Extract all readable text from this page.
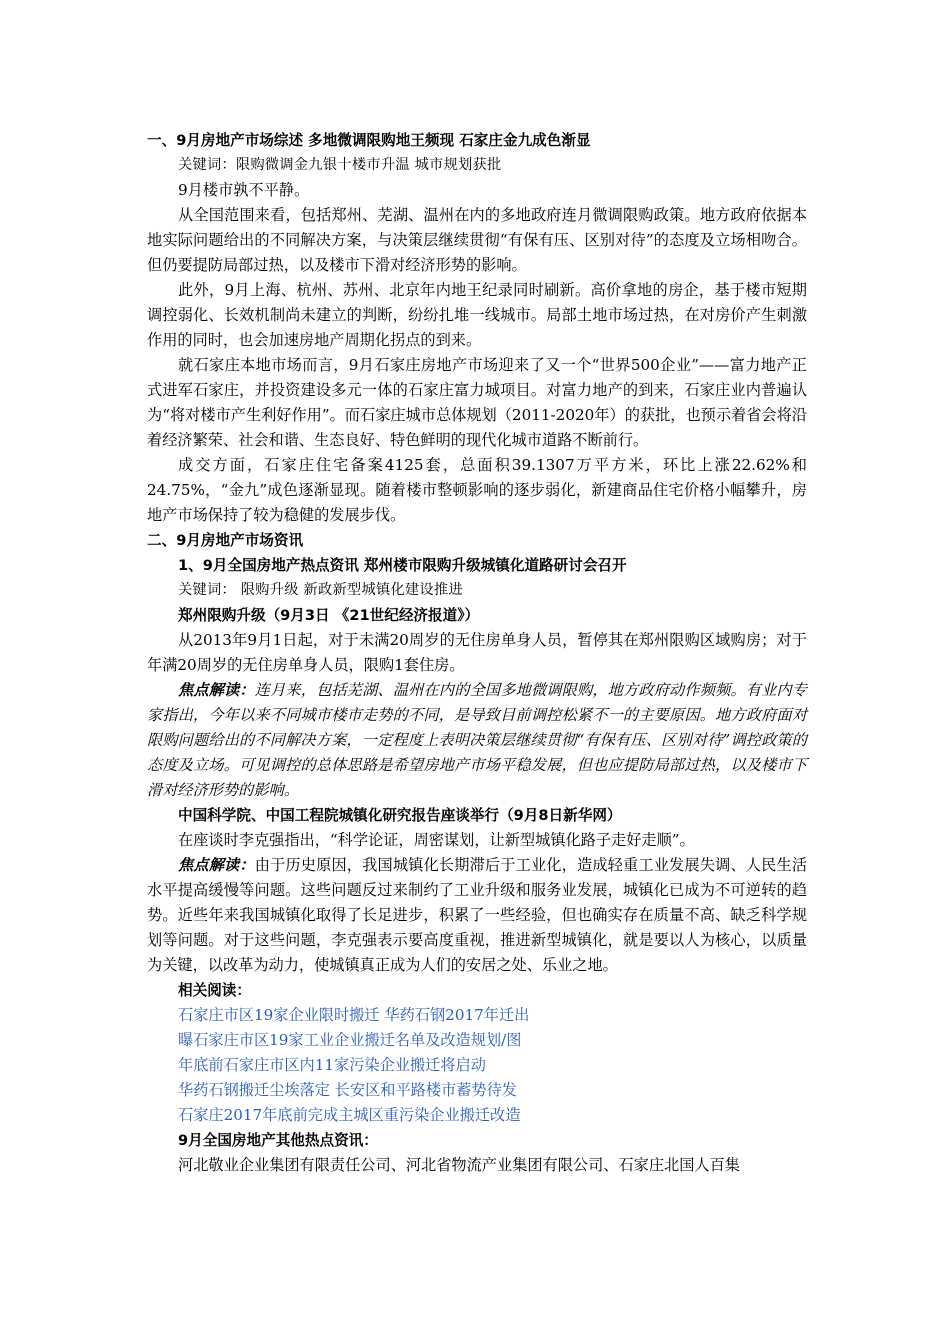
一、9月房地产市场综述 多地微调限购地王频现 石家庄金九成色渐显

关键词：限购微调金九银十楼市升温 城市规划获批

9月楼市孰不平静。

从全国范围来看，包括郑州、芜湖、温州在内的多地政府连月微调限购政策。地方政府依据本地实际问题给出的不同解决方案，与决策层继续贯彻“有保有压、区别对待”的态度及立场相吻合。但仍要提防局部过热，以及楼市下滑对经济形势的影响。

此外，9月上海、杭州、苏州、北京年内地王纪录同时刷新。高价拿地的房企，基于楼市短期调控弱化、长效机制尚未建立的判断，纷纷扎堆一线城市。局部土地市场过热，在对房价产生刺激作用的同时，也会加速房地产周期化拐点的到来。

就石家庄本地市场而言，9月石家庄房地产市场迎来了又一个“世界500企业”——富力地产正式进军石家庄，并投资建设多元一体的石家庄富力城项目。对富力地产的到来，石家庄业内普遍认为“将对楼市产生利好作用”。而石家庄城市总体规划（2011-2020年）的获批，也预示着省会将沿着经济繁荣、社会和谐、生态良好、特色鲜明的现代化城市道路不断前行。

成交方面，石家庄住宅备案4125套，总面积39.1307万平方米，环比上涨22.62%和24.75%，“金九”成色逐渐显现。随着楼市整顿影响的逐步弱化，新建商品住宅价格小幅攀升，房地产市场保持了较为稳健的发展步伐。

二、9月房地产市场资讯

1、9月全国房地产热点资讯 郑州楼市限购升级城镇化道路研讨会召开

关键词： 限购升级 新政新型城镇化建设推进

郑州限购升级（9月3日 《21世纪经济报道》）

从2013年9月1日起，对于未满20周岁的无住房单身人员，暂停其在郑州限购区域购房；对于年满20周岁的无住房单身人员，限购1套住房。

焦点解读：连月来，包括芜湖、温州在内的全国多地微调限购，地方政府动作频频。有业内专家指出，今年以来不同城市楼市走势的不同，是导致目前调控松紧不一的主要原因。地方政府面对限购问题给出的不同解决方案，一定程度上表明决策层继续贯彻“有保有压、区别对待”调控政策的态度及立场。可见调控的总体思路是希望房地产市场平稳发展，但也应提防局部过热，以及楼市下滑对经济形势的影响。

中国科学院、中国工程院城镇化研究报告座谈举行（9月8日新华网）

在座谈时李克强指出，“科学论证，周密谋划，让新型城镇化路子走好走顺”。

焦点解读：由于历史原因，我国城镇化长期滞后于工业化，造成轻重工业发展失调、人民生活水平提高缓慢等问题。这些问题反过来制约了工业升级和服务业发展，城镇化已成为不可逆转的趋势。近些年来我国城镇化取得了长足进步，积累了一些经验，但也确实存在质量不高、缺乏科学规划等问题。对于这些问题，李克强表示要高度重视，推进新型城镇化，就是要以人为核心，以质量为关键，以改革为动力，使城镇真正成为人们的安居之处、乐业之地。

相关阅读：

石家庄市区19家企业限时搬迁 华药石钢2017年迁出
曝石家庄市区19家工业企业搬迁名单及改造规划/图
年底前石家庄市区内11家污染企业搬迁将启动
华药石钢搬迁尘埃落定 长安区和平路楼市蓄势待发
石家庄2017年底前完成主城区重污染企业搬迁改造

9月全国房地产其他热点资讯：

河北敬业企业集团有限责任公司、河北省物流产业集团有限公司、石家庄北国人百集
